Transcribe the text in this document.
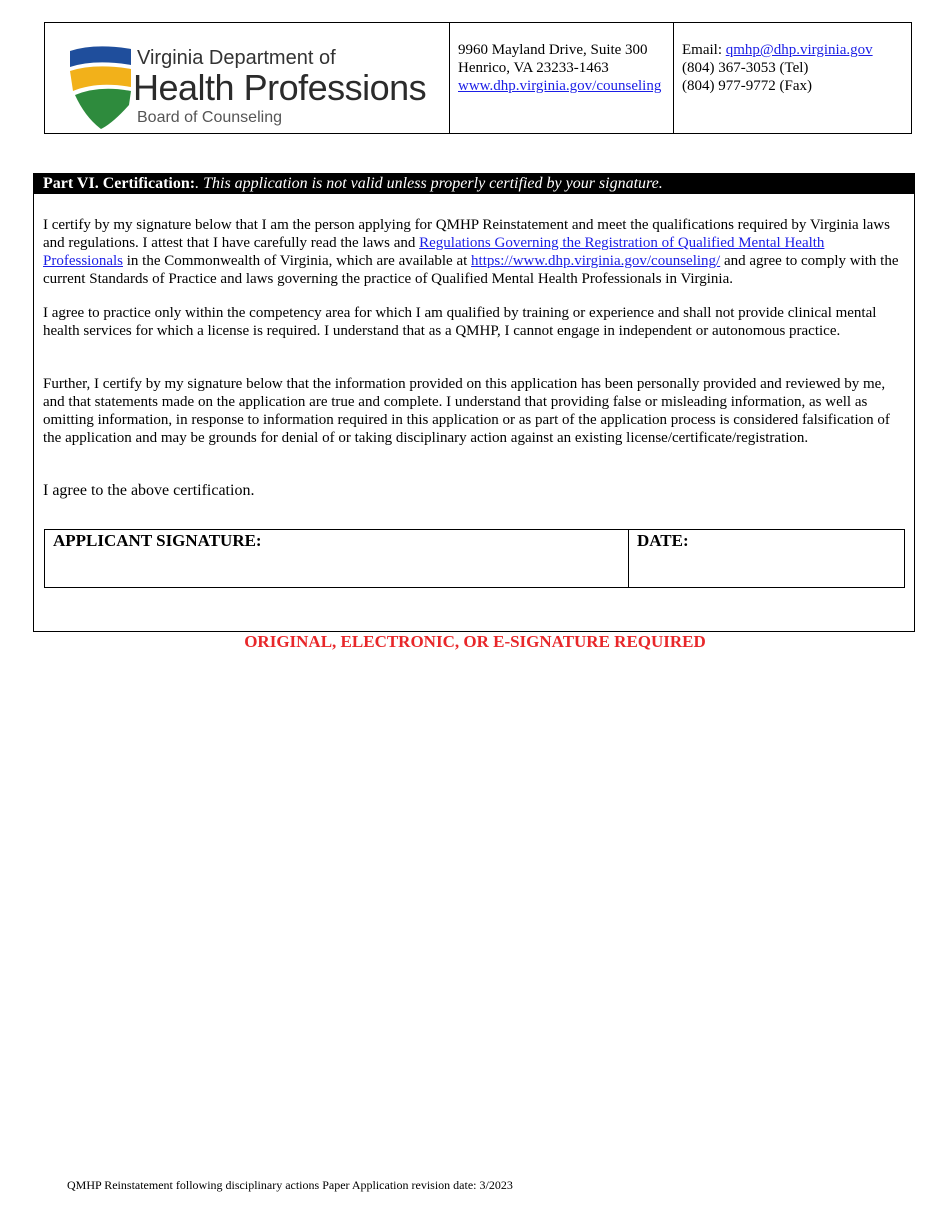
Virginia Department of
Health Professions
Board of Counseling
9960 Mayland Drive, Suite 300
Henrico, VA 23233-1463
www.dhp.virginia.gov/counseling
Email: qmhp@dhp.virginia.gov
(804) 367-3053 (Tel)
(804) 977-9772 (Fax)
Part VI. Certification:. This application is not valid unless properly certified by your signature.
I certify by my signature below that I am the person applying for QMHP Reinstatement and meet the qualifications required by Virginia laws and regulations. I attest that I have carefully read the laws and Regulations Governing the Registration of Qualified Mental Health Professionals in the Commonwealth of Virginia, which are available at https://www.dhp.virginia.gov/counseling/ and agree to comply with the current Standards of Practice and laws governing the practice of Qualified Mental Health Professionals in Virginia.
I agree to practice only within the competency area for which I am qualified by training or experience and shall not provide clinical mental health services for which a license is required. I understand that as a QMHP, I cannot engage in independent or autonomous practice.
Further, I certify by my signature below that the information provided on this application has been personally provided and reviewed by me, and that statements made on the application are true and complete. I understand that providing false or misleading information, as well as omitting information, in response to information required in this application or as part of the application process is considered falsification of the application and may be grounds for denial of or taking disciplinary action against an existing license/certificate/registration.
I agree to the above certification.
APPLICANT SIGNATURE:	DATE:
ORIGINAL, ELECTRONIC, OR E-SIGNATURE REQUIRED
QMHP Reinstatement following disciplinary actions Paper Application revision date: 3/2023
